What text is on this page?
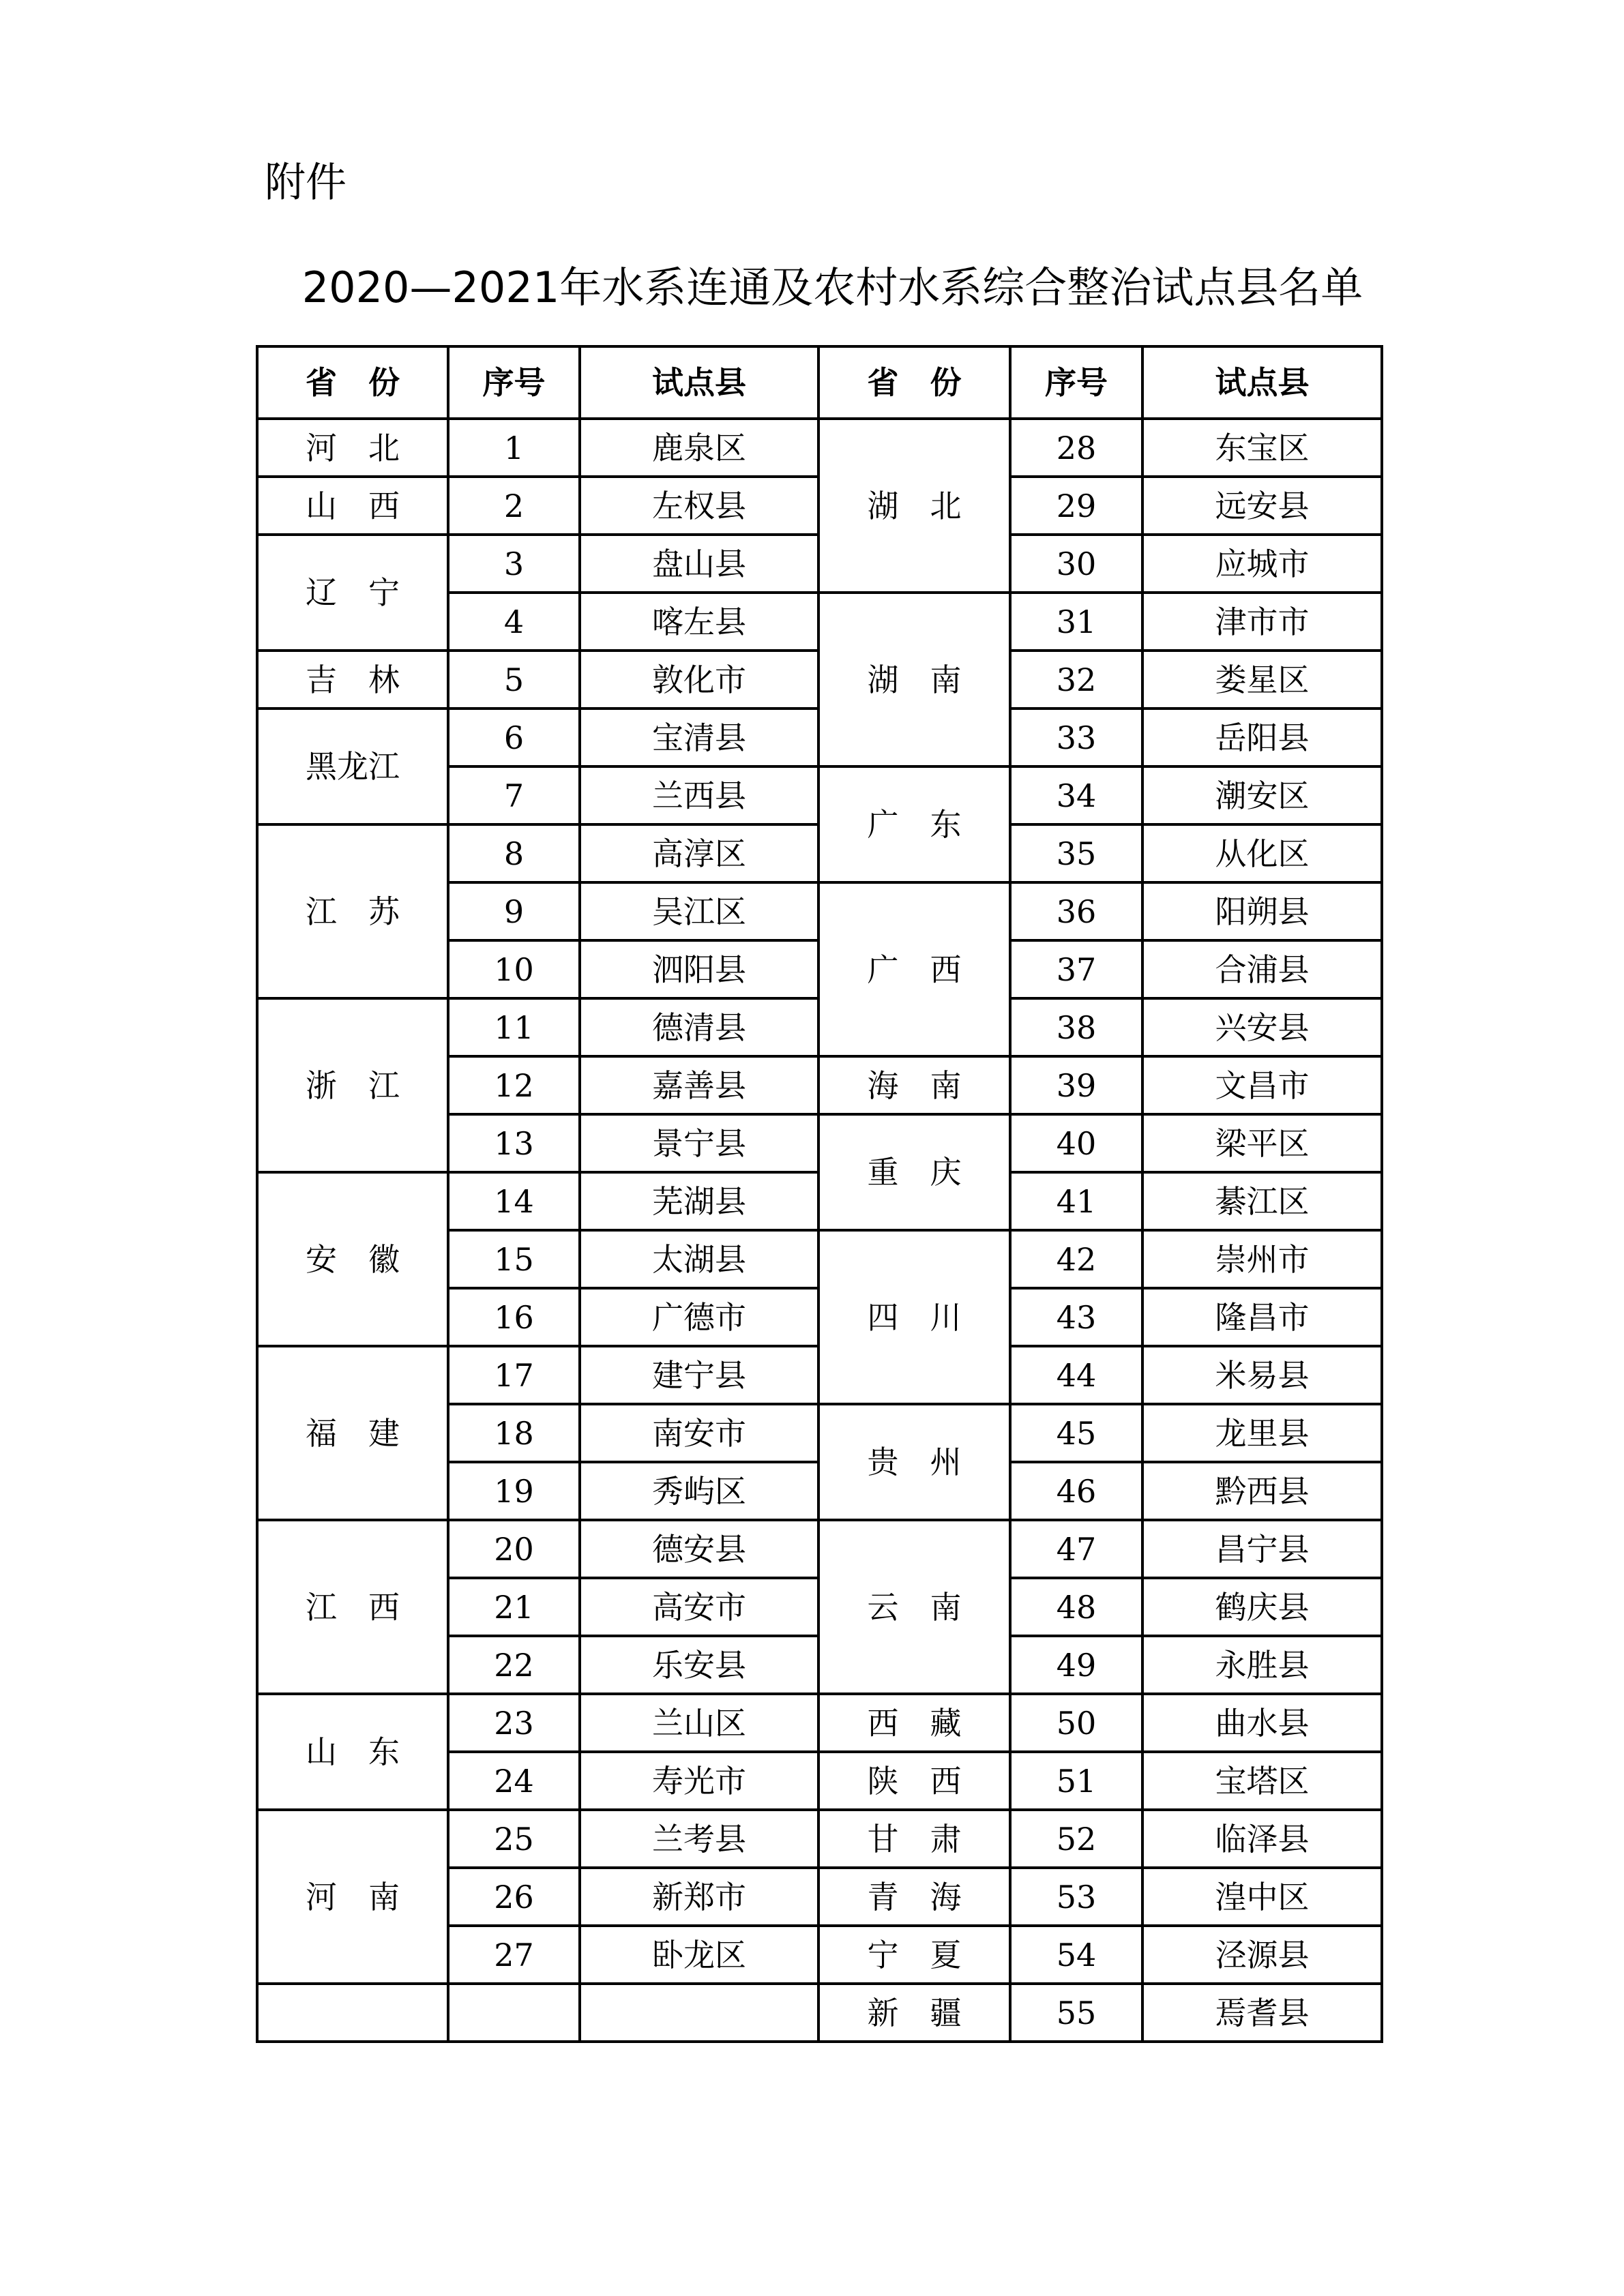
附件
2020—2021年水系连通及农村水系综合整治试点县名单
省　份	序号	试点县	省　份	序号	试点县
河　北	1	鹿泉区	湖　北	28	东宝区
山　西	2	左权县		29	远安县
辽　宁	3	盘山县		30	应城市
	4	喀左县	湖　南	31	津市市
吉　林	5	敦化市		32	娄星区
黑龙江	6	宝清县		33	岳阳县
	7	兰西县	广　东	34	潮安区
江　苏	8	高淳区		35	从化区
	9	吴江区	广　西	36	阳朔县
	10	泗阳县		37	合浦县
浙　江	11	德清县		38	兴安县
	12	嘉善县	海　南	39	文昌市
	13	景宁县	重　庆	40	梁平区
安　徽	14	芜湖县		41	綦江区
	15	太湖县	四　川	42	崇州市
	16	广德市		43	隆昌市
福　建	17	建宁县		44	米易县
	18	南安市	贵　州	45	龙里县
	19	秀屿区		46	黔西县
江　西	20	德安县	云　南	47	昌宁县
	21	高安市		48	鹤庆县
	22	乐安县		49	永胜县
山　东	23	兰山区	西　藏	50	曲水县
	24	寿光市	陕　西	51	宝塔区
河　南	25	兰考县	甘　肃	52	临泽县
	26	新郑市	青　海	53	湟中区
	27	卧龙区	宁　夏	54	泾源县
			新　疆	55	焉耆县
